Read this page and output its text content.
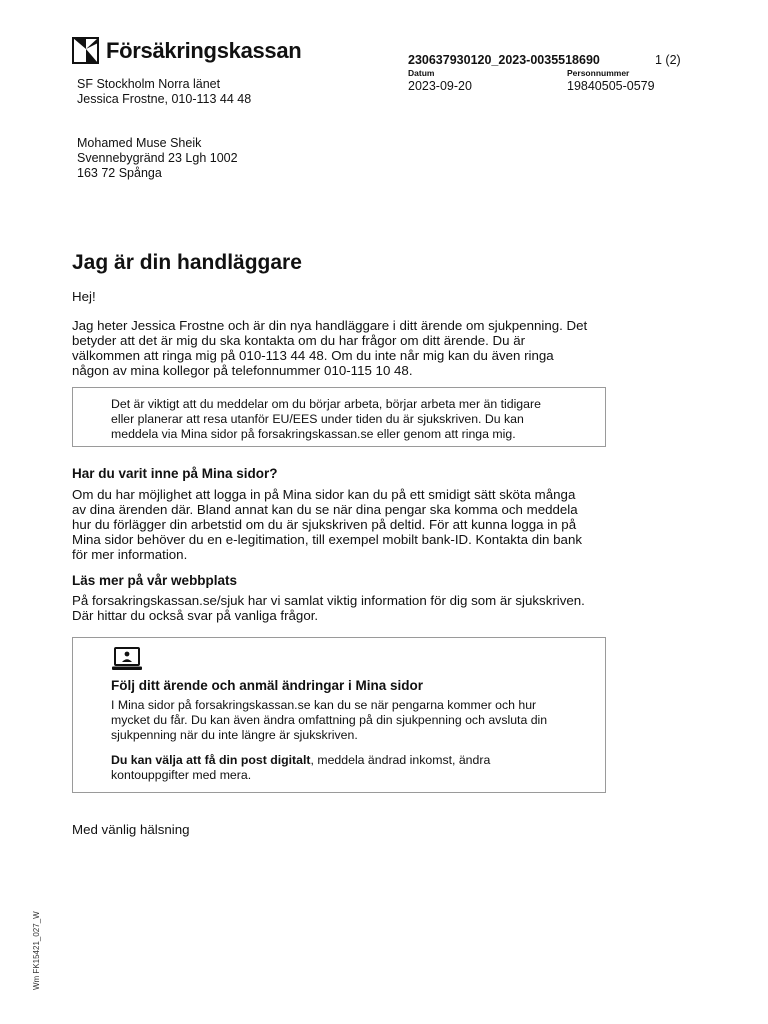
Försäkringskassan	230637930120_2023-0035518690	1 (2)
Datum	Personnummer
2023-09-20	19840505-0579
SF Stockholm Norra länet
Jessica Frostne, 010-113 44 48
Mohamed Muse Sheik
Svennebygränd 23 Lgh 1002
163 72 Spånga
Jag är din handläggare
Hej!
Jag heter Jessica Frostne och är din nya handläggare i ditt ärende om sjukpenning. Det
betyder att det är mig du ska kontakta om du har frågor om ditt ärende. Du är
välkommen att ringa mig på 010-113 44 48. Om du inte når mig kan du även ringa
någon av mina kollegor på telefonnummer 010-115 10 48.
Det är viktigt att du meddelar om du börjar arbeta, börjar arbeta mer än tidigare
eller planerar att resa utanför EU/EES under tiden du är sjukskriven. Du kan
meddela via Mina sidor på forsakringskassan.se eller genom att ringa mig.
Har du varit inne på Mina sidor?
Om du har möjlighet att logga in på Mina sidor kan du på ett smidigt sätt sköta många
av dina ärenden där. Bland annat kan du se när dina pengar ska komma och meddela
hur du förlägger din arbetstid om du är sjukskriven på deltid. För att kunna logga in på
Mina sidor behöver du en e-legitimation, till exempel mobilt bank-ID. Kontakta din bank
för mer information.
Läs mer på vår webbplats
På forsakringskassan.se/sjuk har vi samlat viktig information för dig som är sjukskriven.
Där hittar du också svar på vanliga frågor.
Följ ditt ärende och anmäl ändringar i Mina sidor
I Mina sidor på forsakringskassan.se kan du se när pengarna kommer och hur
mycket du får. Du kan även ändra omfattning på din sjukpenning och avsluta din
sjukpenning när du inte längre är sjukskriven.
Du kan välja att få din post digitalt, meddela ändrad inkomst, ändra
kontouppgifter med mera.
Med vänlig hälsning
Wm FK15421_027_W
